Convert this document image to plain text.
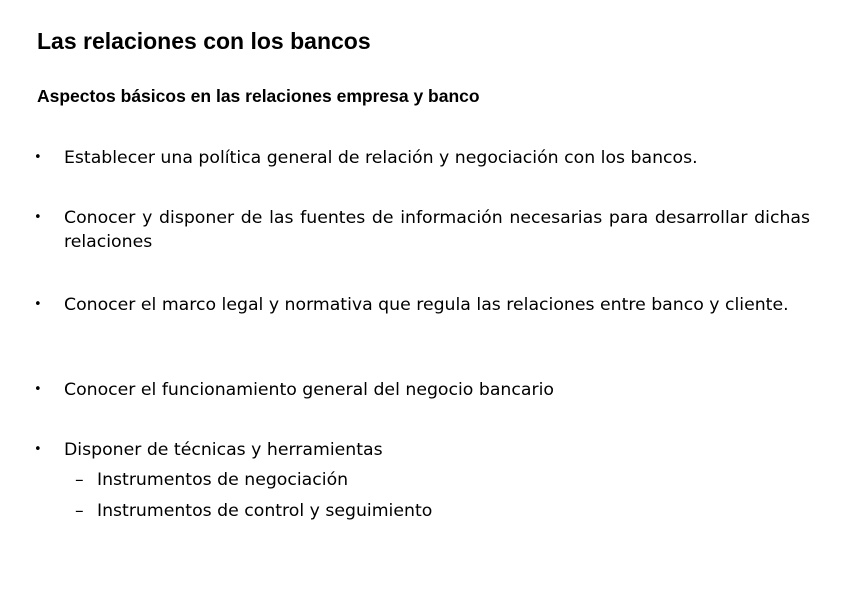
Las relaciones con los bancos
Aspectos básicos en las relaciones empresa y banco
• Establecer una política general de relación y negociación con los bancos.
• Conocer y disponer de las fuentes de información necesarias para desarrollar dichas relaciones
• Conocer el marco legal y normativa que regula las relaciones entre banco y cliente.
• Conocer el funcionamiento general del negocio bancario
• Disponer de técnicas y herramientas
– Instrumentos de negociación
– Instrumentos de control y seguimiento
